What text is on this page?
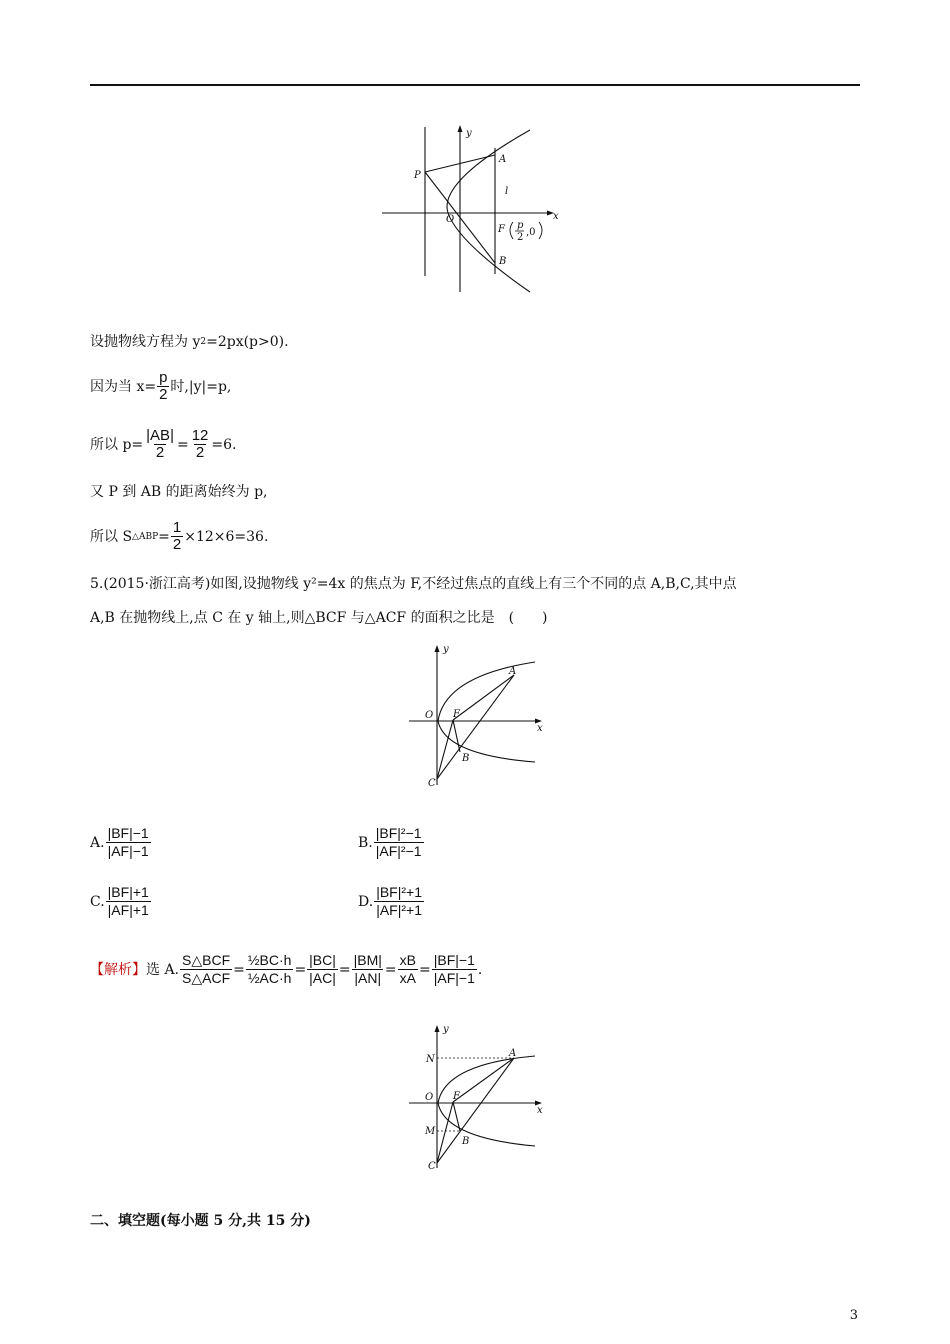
y
x
P
A
l
O
F p
2 ,0
B
设抛物线方程为 y 2 =2px(p>0).
因为当 $x= \frac{p}{2}$ 时,|y|=p,
所以 $p= \frac{|AB|}{2} = \frac{12}{2} =6$.
又 P 到 AB 的距离始终为 p,
所以 S △ABP = $\frac{1}{2} \times 12\times 6=36$.
5.(2015·浙江高考)如图,设抛物线 y²=4x 的焦点为 F,不经过焦点的直线上有三个不同的点 A,B,C,其中点
A,B 在抛物线上,点 C 在 y 轴上,则△BCF 与△ACF 的面积之比是　(　　)
y
A
O F
x
B
C
A. $\frac{|BF|-1}{|AF|-1}$	B. $\frac{\text{|BF|²−1}}{\text{|AF|²−1}}$
C. $\frac{|BF|+1}{|AF|+1}$	D. $\frac{\text{|BF|²+1}}{\text{|AF|²+1}}$
【解析】 选 A. $\frac{\text{S△BCF}}{\text{S△ACF}} = \frac{\text{½BC·h}}{\text{½AC·h}} = \frac{|BC|}{|AC|} = \frac{|BM|}{|AN|} = \frac{xB}{xA} = \frac{|BF|-1}{|AF|-1}$ .
y
N
A
O F
x
M
B
C
二、填空题(每小题 5 分,共 15 分)
3
